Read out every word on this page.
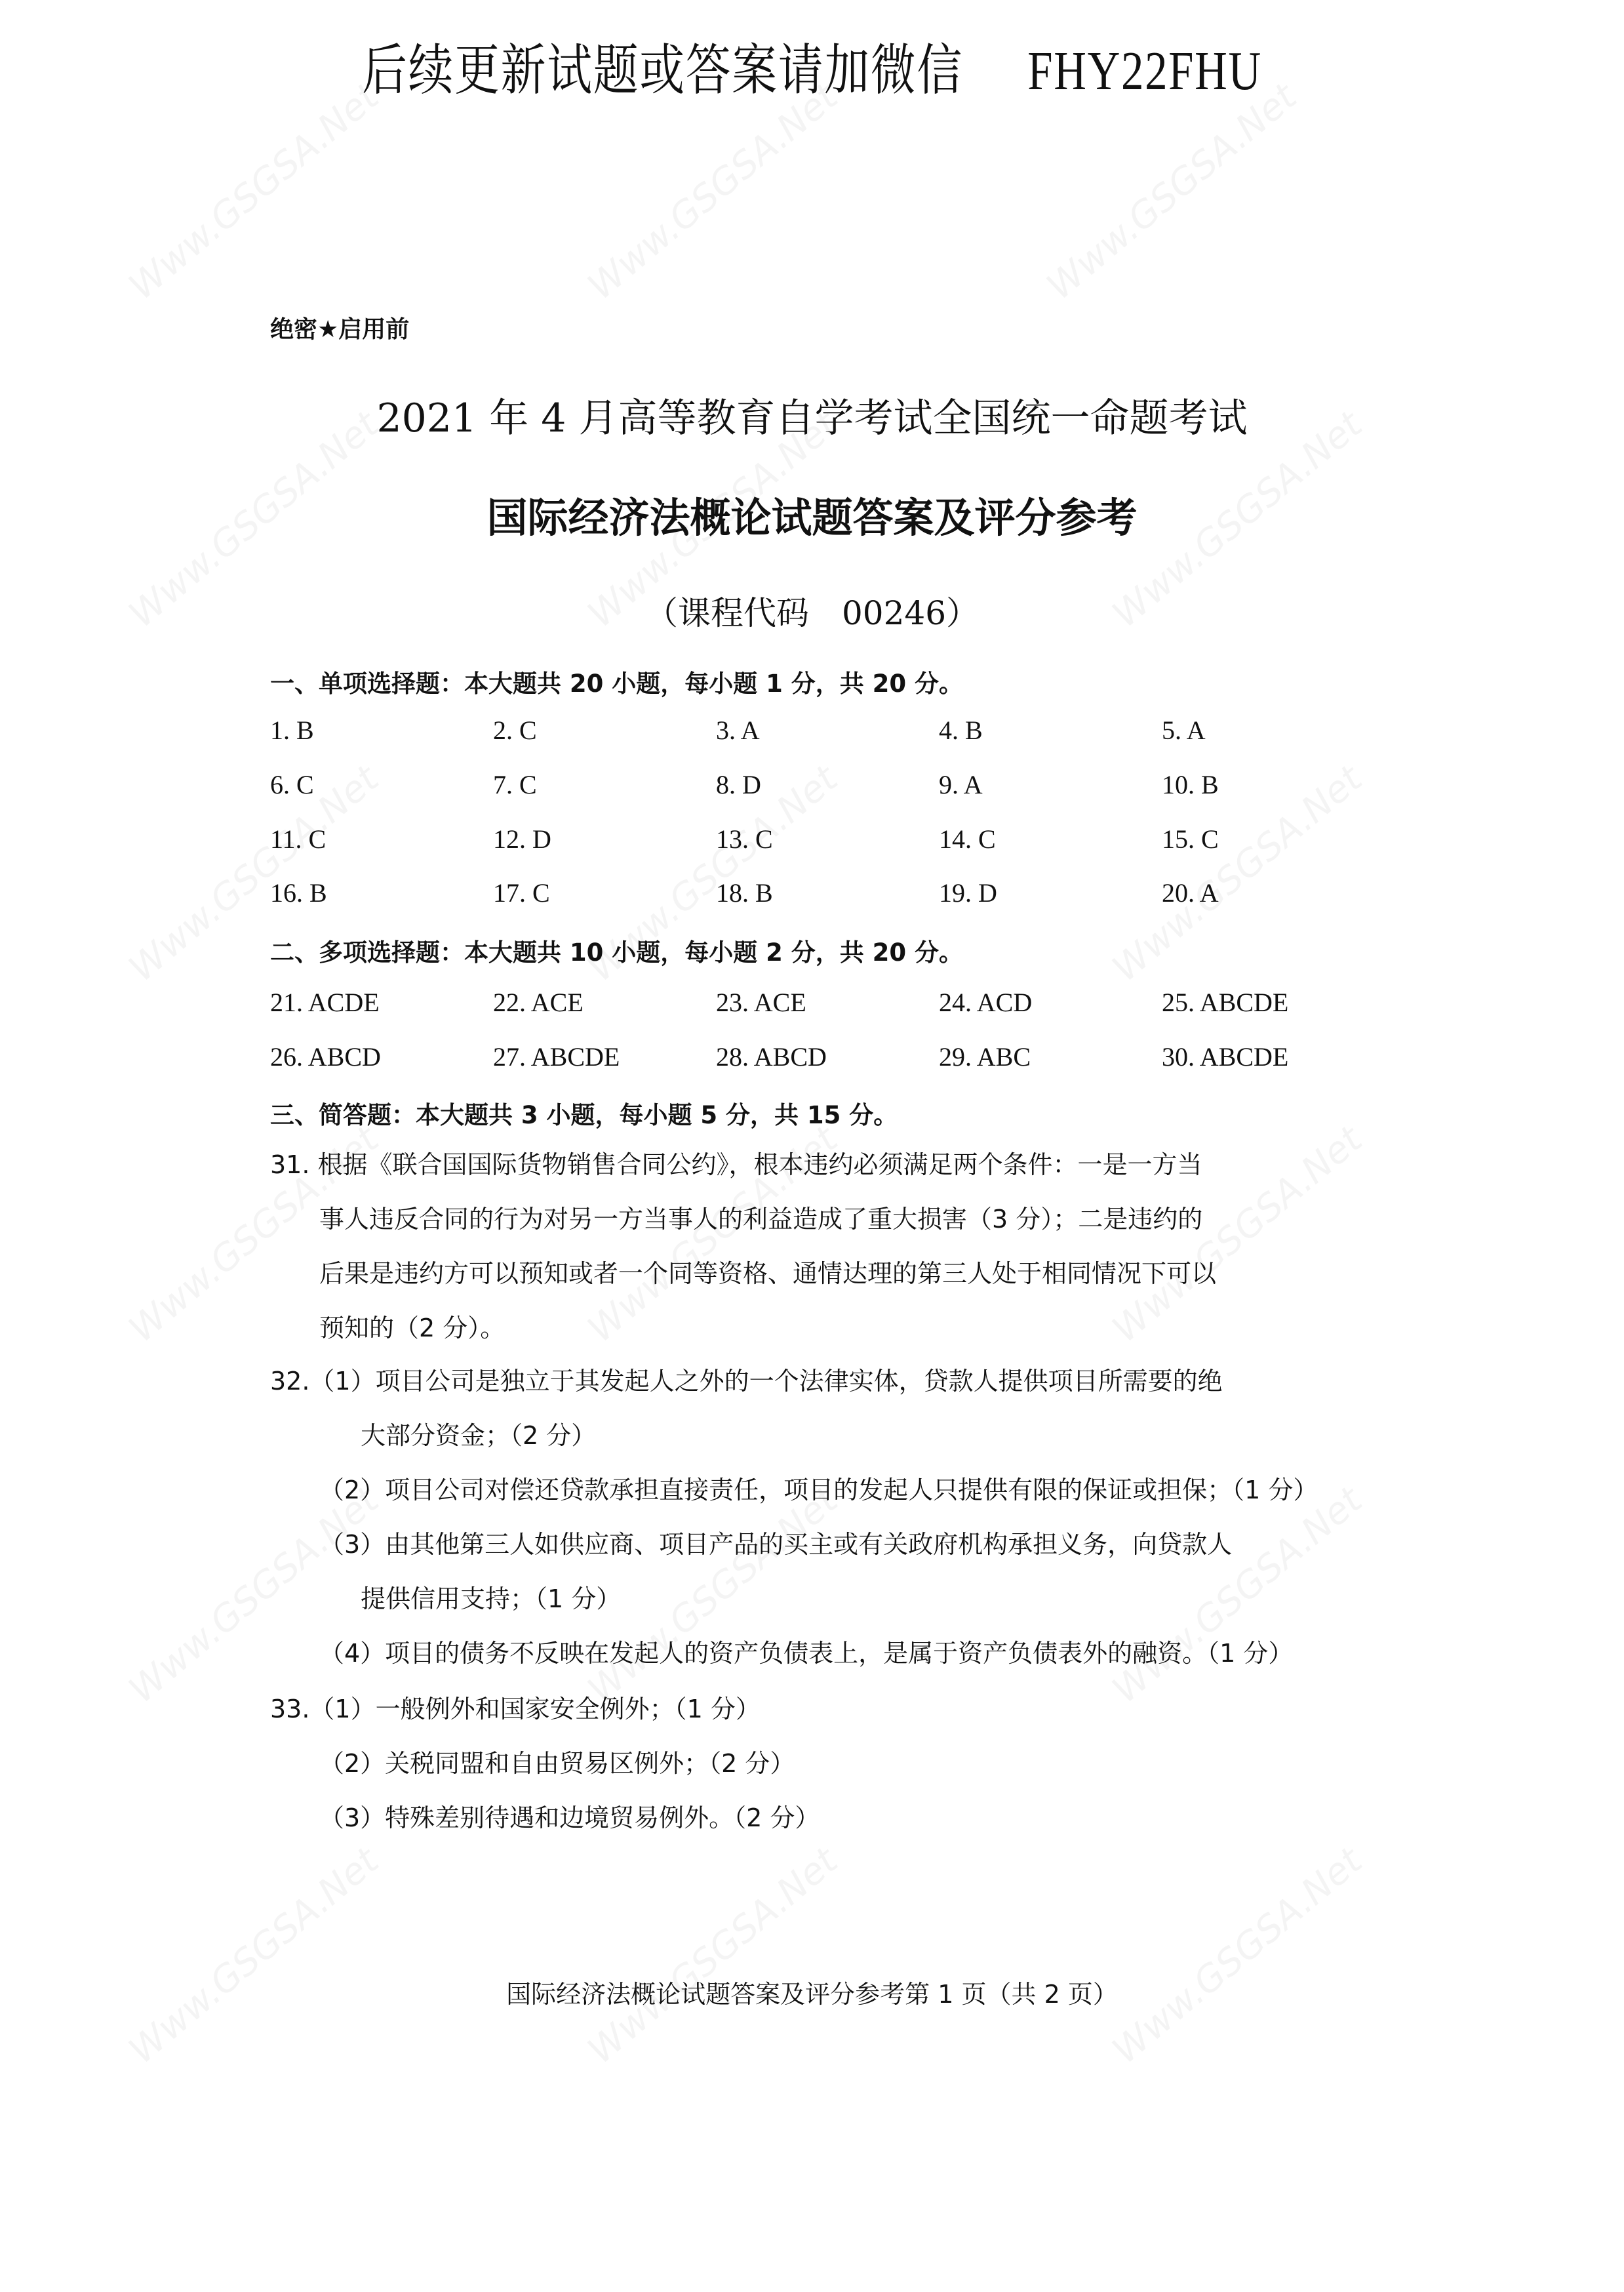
后续更新试题或答案请加微信 FHY22FHU
绝密★启用前
2021 年 4 月高等教育自学考试全国统一命题考试
国际经济法概论试题答案及评分参考
（课程代码　00246）
一、单项选择题：本大题共 20 小题，每小题 1 分，共 20 分。
1. B	2. C	3. A	4. B	5. A
6. C	7. C	8. D	9. A	10. B
11. C	12. D	13. C	14. C	15. C
16. B	17. C	18. B	19. D	20. A
二、多项选择题：本大题共 10 小题，每小题 2 分，共 20 分。
21. ACDE	22. ACE	23. ACE	24. ACD	25. ABCDE
26. ABCD	27. ABCDE	28. ABCD	29. ABC	30. ABCDE
三、简答题：本大题共 3 小题，每小题 5 分，共 15 分。
31. 根据《联合国国际货物销售合同公约》，根本违约必须满足两个条件：一是一方当
事人违反合同的行为对另一方当事人的利益造成了重大损害（3 分）；二是违约的
后果是违约方可以预知或者一个同等资格、通情达理的第三人处于相同情况下可以
预知的（2 分）。
32.（1）项目公司是独立于其发起人之外的一个法律实体，贷款人提供项目所需要的绝
大部分资金；（2 分）
（2）项目公司对偿还贷款承担直接责任，项目的发起人只提供有限的保证或担保；（1 分）
（3）由其他第三人如供应商、项目产品的买主或有关政府机构承担义务，向贷款人
提供信用支持；（1 分）
（4）项目的债务不反映在发起人的资产负债表上，是属于资产负债表外的融资。（1 分）
33.（1）一般例外和国家安全例外；（1 分）
（2）关税同盟和自由贸易区例外；（2 分）
（3）特殊差别待遇和边境贸易例外。（2 分）
国际经济法概论试题答案及评分参考第 1 页（共 2 页）
